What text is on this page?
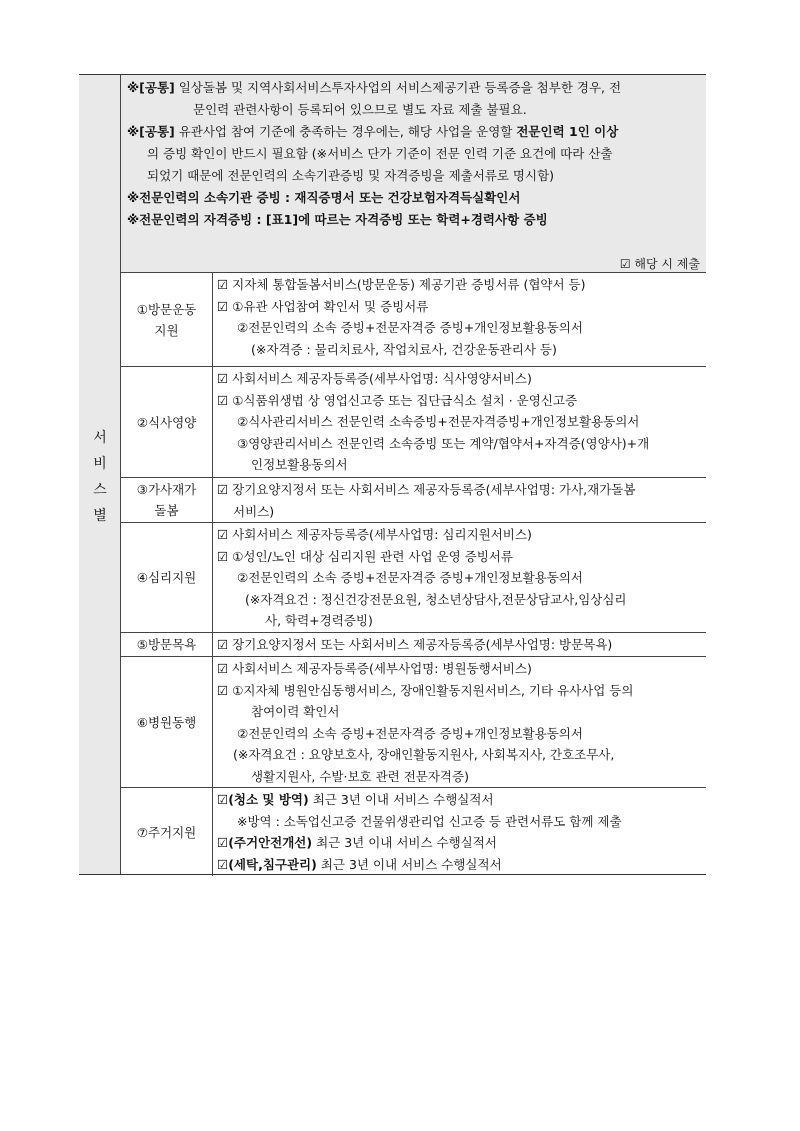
서
비
스
별
※[공통] 일상돌봄 및 지역사회서비스투자사업의 서비스제공기관 등록증을 첨부한 경우, 전
문인력 관련사항이 등록되어 있으므로 별도 자료 제출 불필요.
※[공통] 유관사업 참여 기준에 충족하는 경우에는, 해당 사업을 운영할 전문인력 1인 이상
의 증빙 확인이 반드시 필요함 (※서비스 단가 기준이 전문 인력 기준 요건에 따라 산출
되었기 때문에 전문인력의 소속기관증빙 및 자격증빙을 제출서류로 명시함)
※전문인력의 소속기관 증빙 : 재직증명서 또는 건강보험자격득실확인서
※전문인력의 자격증빙 : [표1]에 따르는 자격증빙 또는 학력+경력사항 증빙
☑ 해당 시 제출
①방문운동
지원
☑ 지자체 통합돌봄서비스(방문운동) 제공기관 증빙서류 (협약서 등)
☑ ①유관 사업참여 확인서 및 증빙서류
②전문인력의 소속 증빙+전문자격증 증빙+개인정보활용동의서
(※자격증 : 물리치료사, 작업치료사, 건강운동관리사 등)
②식사영양
☑ 사회서비스 제공자등록증(세부사업명: 식사영양서비스)
☑ ①식품위생법 상 영업신고증 또는 집단급식소 설치 · 운영신고증
②식사관리서비스 전문인력 소속증빙+전문자격증빙+개인정보활용동의서
③영양관리서비스 전문인력 소속증빙 또는 계약/협약서+자격증(영양사)+개
인정보활용동의서
③가사재가
돌봄
☑ 장기요양지정서 또는 사회서비스 제공자등록증(세부사업명: 가사,재가돌봄
서비스)
④심리지원
☑ 사회서비스 제공자등록증(세부사업명: 심리지원서비스)
☑ ①성인/노인 대상 심리지원 관련 사업 운영 증빙서류
②전문인력의 소속 증빙+전문자격증 증빙+개인정보활용동의서
(※자격요건 : 정신건강전문요원, 청소년상담사,전문상담교사,임상심리
사, 학력+경력증빙)
⑤방문목욕 ☑ 장기요양지정서 또는 사회서비스 제공자등록증(세부사업명: 방문목욕)
⑥병원동행
☑ 사회서비스 제공자등록증(세부사업명: 병원동행서비스)
☑ ①지자체 병원안심동행서비스, 장애인활동지원서비스, 기타 유사사업 등의
참여이력 확인서
②전문인력의 소속 증빙+전문자격증 증빙+개인정보활용동의서
(※자격요건 : 요양보호사, 장애인활동지원사, 사회복지사, 간호조무사,
생활지원사, 수발·보호 관련 전문자격증)
⑦주거지원
☑(청소 및 방역) 최근 3년 이내 서비스 수행실적서
※방역 : 소독업신고증 건물위생관리업 신고증 등 관련서류도 함께 제출
☑(주거안전개선) 최근 3년 이내 서비스 수행실적서
☑(세탁,침구관리) 최근 3년 이내 서비스 수행실적서
